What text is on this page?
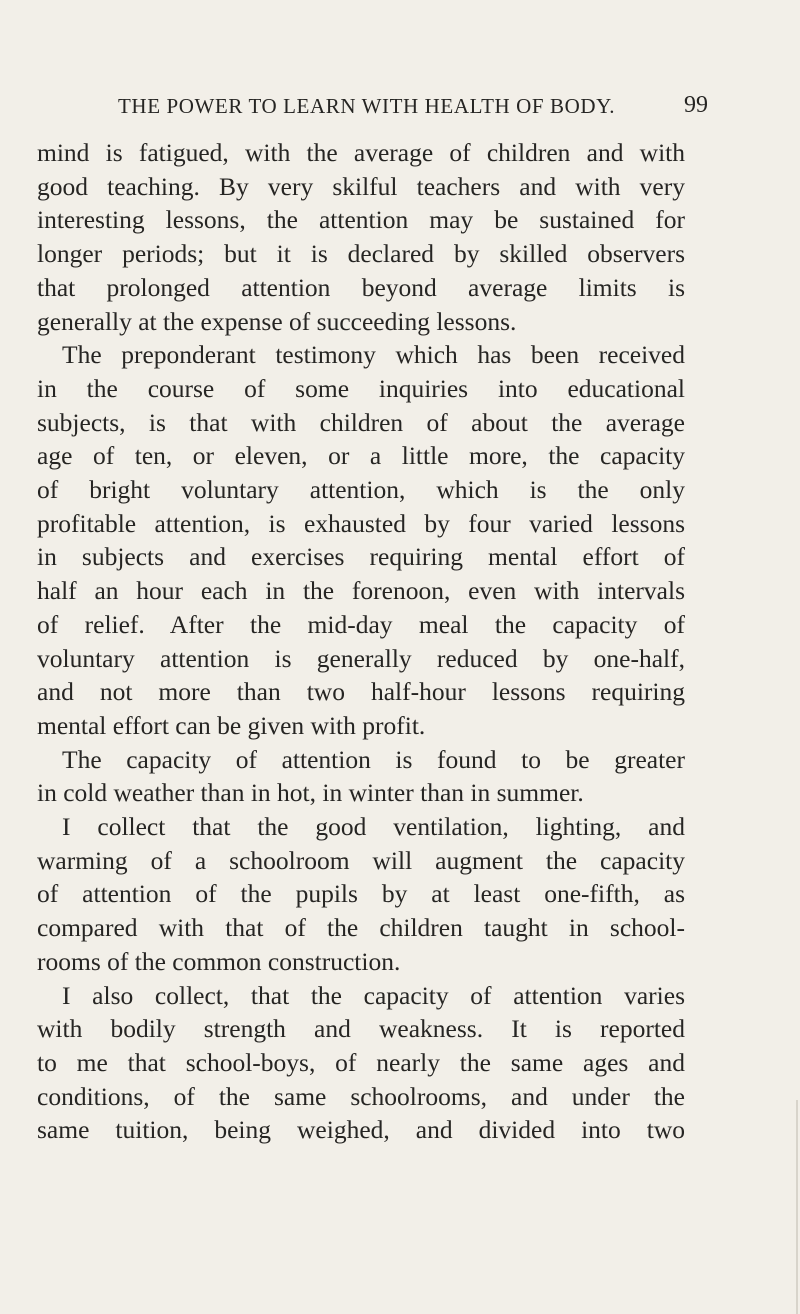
THE POWER TO LEARN WITH HEALTH OF BODY.	99
mind is fatigued, with the average of children and with
good teaching. By very skilful teachers and with very
interesting lessons, the attention may be sustained for
longer periods; but it is declared by skilled observers
that prolonged attention beyond average limits is
generally at the expense of succeeding lessons.
The preponderant testimony which has been received
in the course of some inquiries into educational
subjects, is that with children of about the average
age of ten, or eleven, or a little more, the capacity
of bright voluntary attention, which is the only
profitable attention, is exhausted by four varied lessons
in subjects and exercises requiring mental effort of
half an hour each in the forenoon, even with intervals
of relief. After the mid-day meal the capacity of
voluntary attention is generally reduced by one-half,
and not more than two half-hour lessons requiring
mental effort can be given with profit.
The capacity of attention is found to be greater
in cold weather than in hot, in winter than in summer.
I collect that the good ventilation, lighting, and
warming of a schoolroom will augment the capacity
of attention of the pupils by at least one-fifth, as
compared with that of the children taught in school-
rooms of the common construction.
I also collect, that the capacity of attention varies
with bodily strength and weakness. It is reported
to me that school-boys, of nearly the same ages and
conditions, of the same schoolrooms, and under the
same tuition, being weighed, and divided into two
